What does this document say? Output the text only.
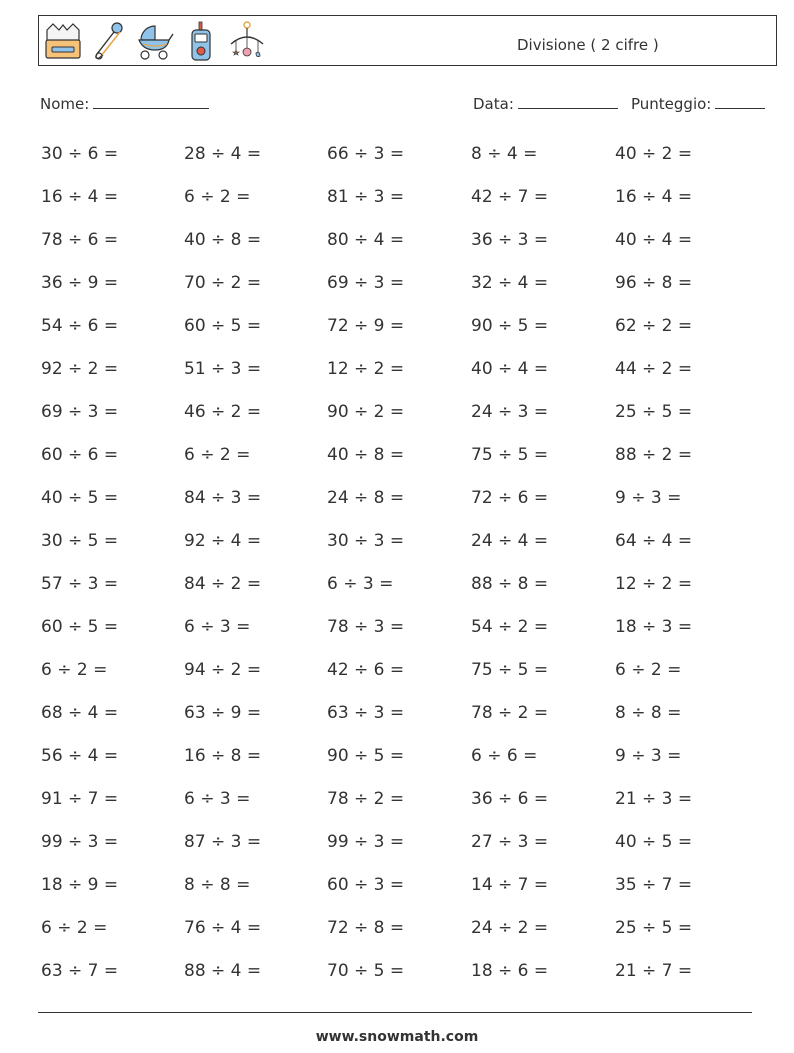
Divisione ( 2 cifre )
Nome:	Data:	Punteggio:
30 ÷ 6 =	28 ÷ 4 =	66 ÷ 3 =	8 ÷ 4 =	40 ÷ 2 =
16 ÷ 4 =	6 ÷ 2 =	81 ÷ 3 =	42 ÷ 7 =	16 ÷ 4 =
78 ÷ 6 =	40 ÷ 8 =	80 ÷ 4 =	36 ÷ 3 =	40 ÷ 4 =
36 ÷ 9 =	70 ÷ 2 =	69 ÷ 3 =	32 ÷ 4 =	96 ÷ 8 =
54 ÷ 6 =	60 ÷ 5 =	72 ÷ 9 =	90 ÷ 5 =	62 ÷ 2 =
92 ÷ 2 =	51 ÷ 3 =	12 ÷ 2 =	40 ÷ 4 =	44 ÷ 2 =
69 ÷ 3 =	46 ÷ 2 =	90 ÷ 2 =	24 ÷ 3 =	25 ÷ 5 =
60 ÷ 6 =	6 ÷ 2 =	40 ÷ 8 =	75 ÷ 5 =	88 ÷ 2 =
40 ÷ 5 =	84 ÷ 3 =	24 ÷ 8 =	72 ÷ 6 =	9 ÷ 3 =
30 ÷ 5 =	92 ÷ 4 =	30 ÷ 3 =	24 ÷ 4 =	64 ÷ 4 =
57 ÷ 3 =	84 ÷ 2 =	6 ÷ 3 =	88 ÷ 8 =	12 ÷ 2 =
60 ÷ 5 =	6 ÷ 3 =	78 ÷ 3 =	54 ÷ 2 =	18 ÷ 3 =
6 ÷ 2 =	94 ÷ 2 =	42 ÷ 6 =	75 ÷ 5 =	6 ÷ 2 =
68 ÷ 4 =	63 ÷ 9 =	63 ÷ 3 =	78 ÷ 2 =	8 ÷ 8 =
56 ÷ 4 =	16 ÷ 8 =	90 ÷ 5 =	6 ÷ 6 =	9 ÷ 3 =
91 ÷ 7 =	6 ÷ 3 =	78 ÷ 2 =	36 ÷ 6 =	21 ÷ 3 =
99 ÷ 3 =	87 ÷ 3 =	99 ÷ 3 =	27 ÷ 3 =	40 ÷ 5 =
18 ÷ 9 =	8 ÷ 8 =	60 ÷ 3 =	14 ÷ 7 =	35 ÷ 7 =
6 ÷ 2 =	76 ÷ 4 =	72 ÷ 8 =	24 ÷ 2 =	25 ÷ 5 =
63 ÷ 7 =	88 ÷ 4 =	70 ÷ 5 =	18 ÷ 6 =	21 ÷ 7 =
www.snowmath.com
